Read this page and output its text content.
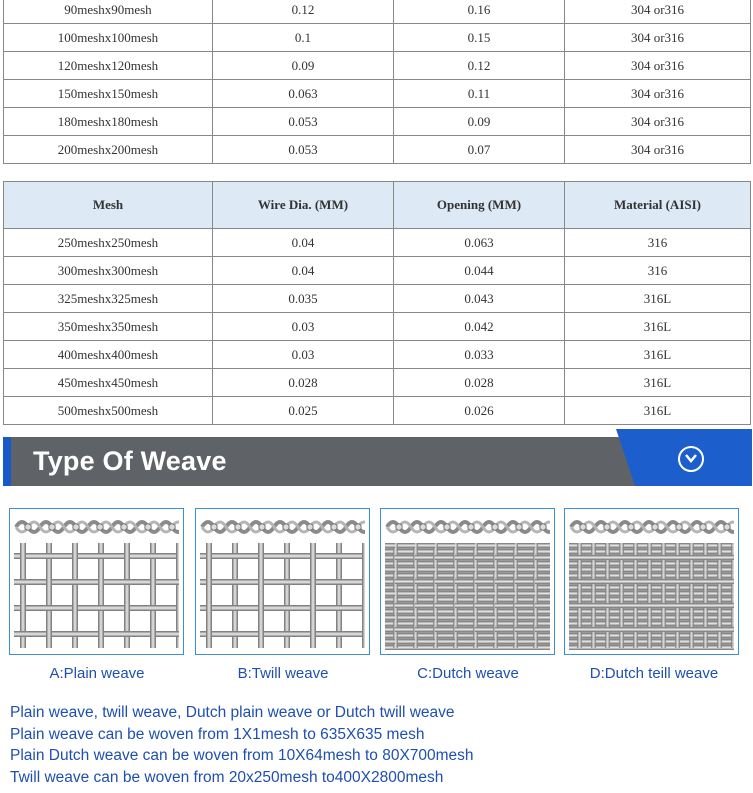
90meshx90mesh	0.12	0.16	304 or316
100meshx100mesh	0.1	0.15	304 or316
120meshx120mesh	0.09	0.12	304 or316
150meshx150mesh	0.063	0.11	304 or316
180meshx180mesh	0.053	0.09	304 or316
200meshx200mesh	0.053	0.07	304 or316
Mesh	Wire Dia. (MM)	Opening (MM)	Material (AISI)
250meshx250mesh	0.04	0.063	316
300meshx300mesh	0.04	0.044	316
325meshx325mesh	0.035	0.043	316L
350meshx350mesh	0.03	0.042	316L
400meshx400mesh	0.03	0.033	316L
450meshx450mesh	0.028	0.028	316L
500meshx500mesh	0.025	0.026	316L
Type Of Weave
A:Plain weave	B:Twill weave	C:Dutch weave	D:Dutch teill weave
Plain weave, twill weave, Dutch plain weave or Dutch twill weave
Plain weave can be woven from 1X1mesh to 635X635 mesh
Plain Dutch weave can be woven from 10X64mesh to 80X700mesh
Twill weave can be woven from 20x250mesh to400X2800mesh
